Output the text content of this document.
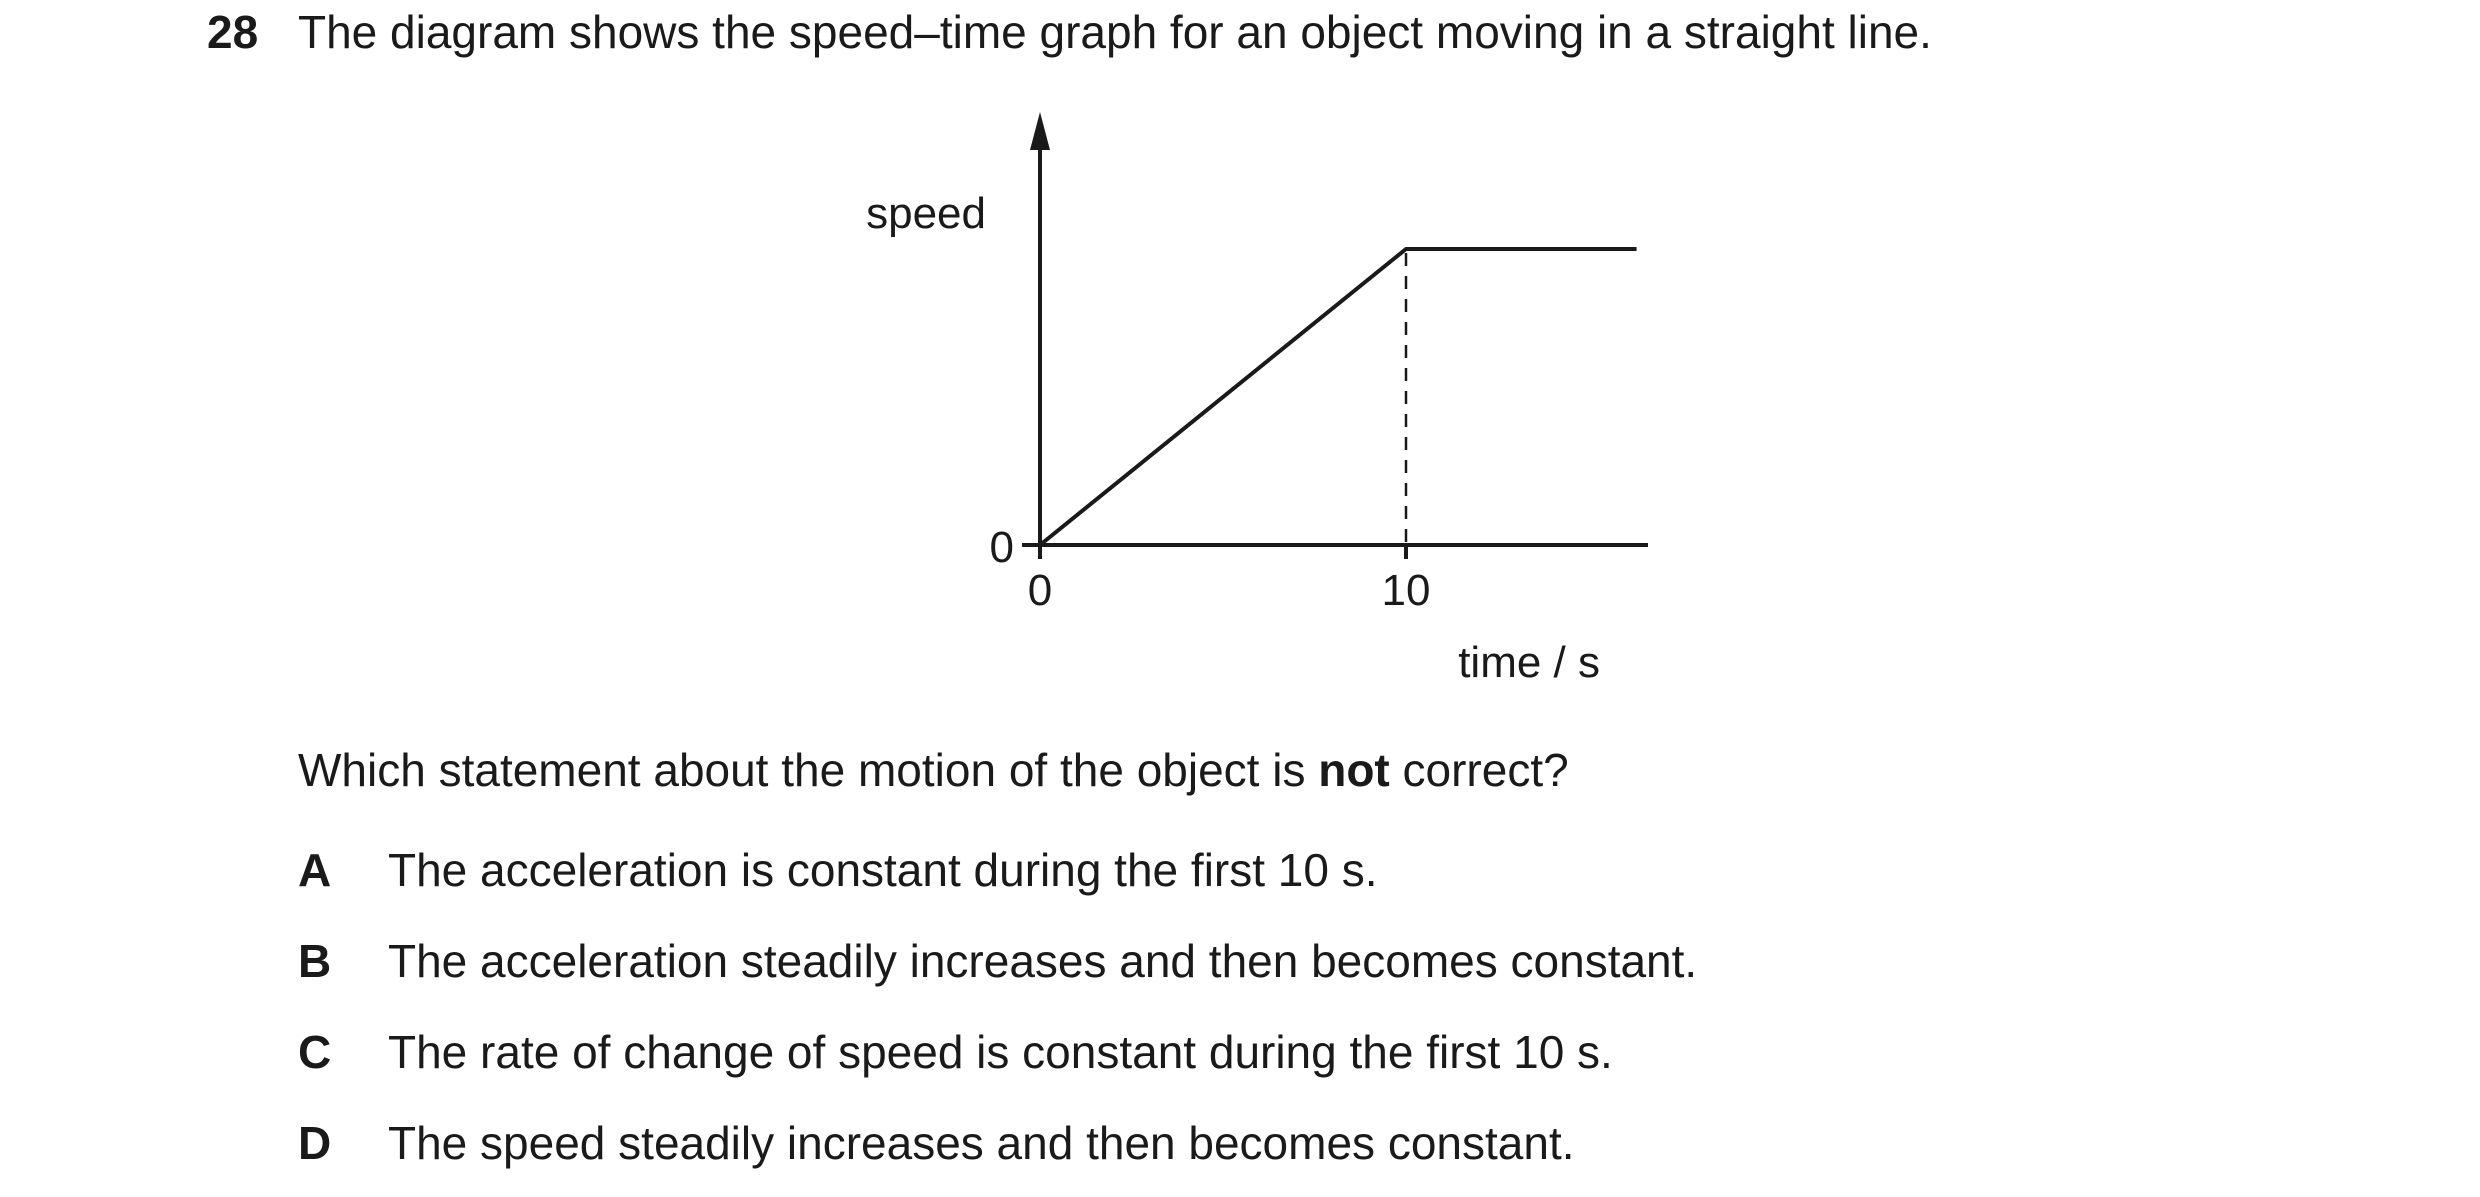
28 The diagram shows the speed–time graph for an object moving in a straight line.
speed
0
0	10
time / s
Which statement about the motion of the object is not correct?
A The acceleration is constant during the first 10 s.
B The acceleration steadily increases and then becomes constant.
C The rate of change of speed is constant during the first 10 s.
D The speed steadily increases and then becomes constant.
